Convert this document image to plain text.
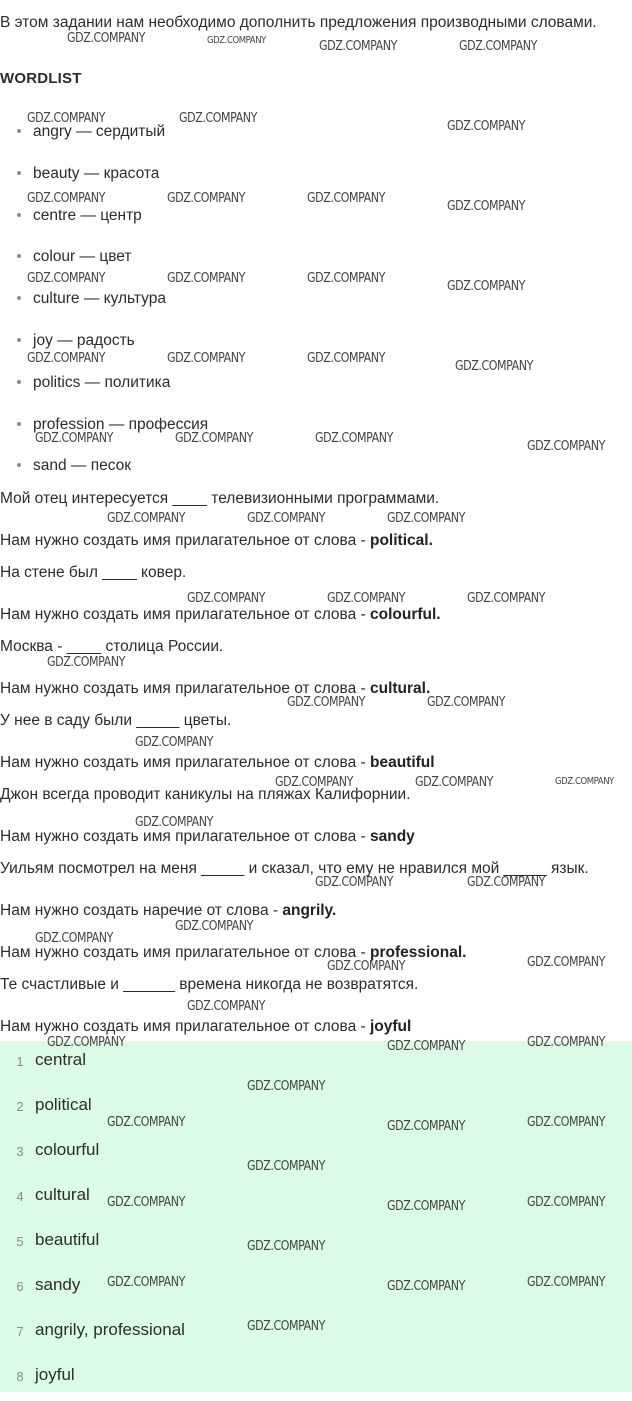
В этом задании нам необходимо дополнить предложения производными словами.
WORDLIST
angry — сердитый
beauty — красота
centre — центр
colour — цвет
culture — культура
joy — радость
politics — политика
profession — профессия
sand — песок
Мой отец интересуется ____ телевизионными программами.
Нам нужно создать имя прилагательное от слова - political.
На стене был ____ ковер.
Нам нужно создать имя прилагательное от слова - colourful.
Москва - ____ столица России.
Нам нужно создать имя прилагательное от слова - cultural.
У нее в саду были _____ цветы.
Нам нужно создать имя прилагательное от слова - beautiful
Джон всегда проводит каникулы на пляжах Калифорнии.
Нам нужно создать имя прилагательное от слова - sandy
Уильям посмотрел на меня _____ и сказал, что ему не нравился мой _____ язык.
Нам нужно создать наречие от слова - angrily.
Нам нужно создать имя прилагательное от слова - professional.
Те счастливые и ______ времена никогда не возвратятся.
Нам нужно создать имя прилагательное от слова - joyful
1 central
2 political
3 colourful
4 cultural
5 beautiful
6 sandy
7 angrily, professional
8 joyful
GDZ.COMPANY	GDZ.COMPANY	GDZ.COMPANY	GDZ.COMPANY
GDZ.COMPANY	GDZ.COMPANY
GDZ.COMPANY
GDZ.COMPANY	GDZ.COMPANY	GDZ.COMPANY
GDZ.COMPANY
GDZ.COMPANY	GDZ.COMPANY	GDZ.COMPANY
GDZ.COMPANY
GDZ.COMPANY	GDZ.COMPANY	GDZ.COMPANY
GDZ.COMPANY
GDZ.COMPANY	GDZ.COMPANY	GDZ.COMPANY
GDZ.COMPANY
GDZ.COMPANY	GDZ.COMPANY	GDZ.COMPANY
GDZ.COMPANY	GDZ.COMPANY	GDZ.COMPANY
GDZ.COMPANY
GDZ.COMPANY	GDZ.COMPANY
GDZ.COMPANY
GDZ.COMPANY	GDZ.COMPANY	GDZ.COMPANY
GDZ.COMPANY
GDZ.COMPANY	GDZ.COMPANY
GDZ.COMPANY
GDZ.COMPANY
GDZ.COMPANY	GDZ.COMPANY
GDZ.COMPANY
GDZ.COMPANY	GDZ.COMPANY	GDZ.COMPANY
GDZ.COMPANY
GDZ.COMPANY	GDZ.COMPANY	GDZ.COMPANY
GDZ.COMPANY
GDZ.COMPANY	GDZ.COMPANY	GDZ.COMPANY
GDZ.COMPANY
GDZ.COMPANY	GDZ.COMPANY	GDZ.COMPANY
GDZ.COMPANY
